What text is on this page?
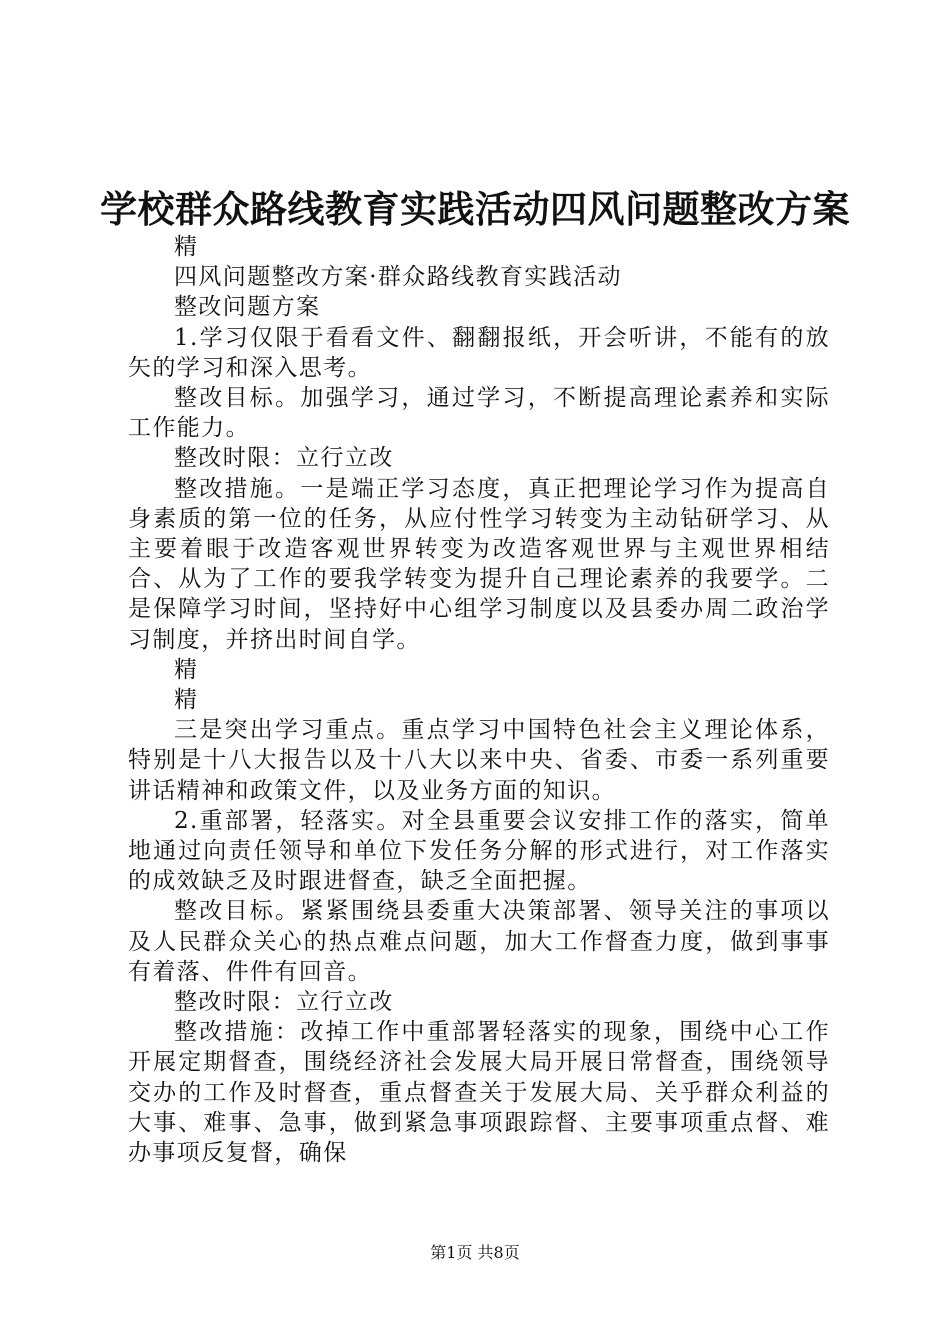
学校群众路线教育实践活动四风问题整改方案

精

四风问题整改方案·群众路线教育实践活动

整改问题方案

1.学习仅限于看看文件、翻翻报纸，开会听讲，不能有的放矢的学习和深入思考。

整改目标。加强学习，通过学习，不断提高理论素养和实际工作能力。

整改时限：立行立改

整改措施。一是端正学习态度，真正把理论学习作为提高自身素质的第一位的任务，从应付性学习转变为主动钻研学习、从主要着眼于改造客观世界转变为改造客观世界与主观世界相结合、从为了工作的要我学转变为提升自己理论素养的我要学。二是保障学习时间，坚持好中心组学习制度以及县委办周二政治学习制度，并挤出时间自学。

精

精

三是突出学习重点。重点学习中国特色社会主义理论体系，特别是十八大报告以及十八大以来中央、省委、市委一系列重要讲话精神和政策文件，以及业务方面的知识。

2.重部署，轻落实。对全县重要会议安排工作的落实，简单地通过向责任领导和单位下发任务分解的形式进行，对工作落实的成效缺乏及时跟进督查，缺乏全面把握。

整改目标。紧紧围绕县委重大决策部署、领导关注的事项以及人民群众关心的热点难点问题，加大工作督查力度，做到事事有着落、件件有回音。

整改时限：立行立改

整改措施：改掉工作中重部署轻落实的现象，围绕中心工作开展定期督查，围绕经济社会发展大局开展日常督查，围绕领导交办的工作及时督查，重点督查关于发展大局、关乎群众利益的大事、难事、急事，做到紧急事项跟踪督、主要事项重点督、难办事项反复督，确保

第1页 共8页
